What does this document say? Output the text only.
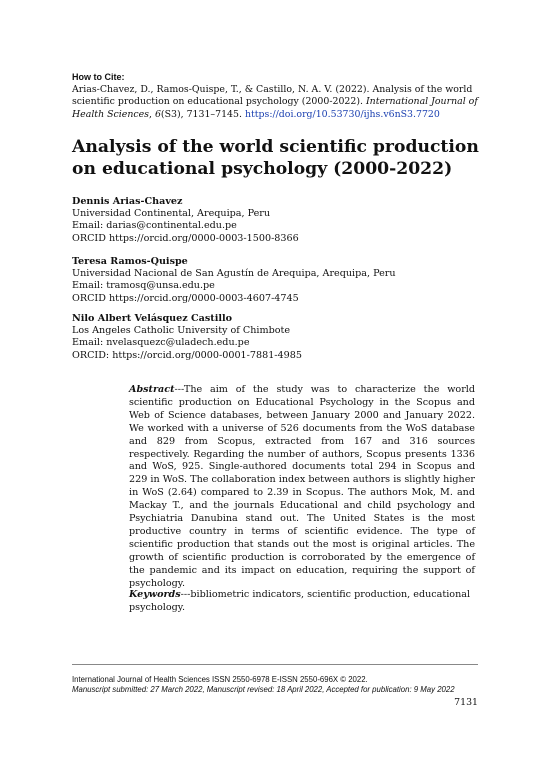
How to Cite:
Arias-Chavez, D., Ramos-Quispe, T., & Castillo, N. A. V. (2022). Analysis of the world scientific production on educational psychology (2000-2022). International Journal of Health Sciences, 6(S3), 7131–7145. https://doi.org/10.53730/ijhs.v6nS3.7720
Analysis of the world scientific production on educational psychology (2000-2022)
Dennis Arias-Chavez
Universidad Continental, Arequipa, Peru
Email: darias@continental.edu.pe
ORCID https://orcid.org/0000-0003-1500-8366
Teresa Ramos-Quispe
Universidad Nacional de San Agustín de Arequipa, Arequipa, Peru
Email: tramosq@unsa.edu.pe
ORCID https://orcid.org/0000-0003-4607-4745
Nilo Albert Velásquez Castillo
Los Angeles Catholic University of Chimbote
Email: nvelasquezc@uladech.edu.pe
ORCID: https://orcid.org/0000-0001-7881-4985
Abstract---The aim of the study was to characterize the world scientific production on Educational Psychology in the Scopus and Web of Science databases, between January 2000 and January 2022. We worked with a universe of 526 documents from the WoS database and 829 from Scopus, extracted from 167 and 316 sources respectively. Regarding the number of authors, Scopus presents 1336 and WoS, 925. Single-authored documents total 294 in Scopus and 229 in WoS. The collaboration index between authors is slightly higher in WoS (2.64) compared to 2.39 in Scopus. The authors Mok, M. and Mackay T., and the journals Educational and child psychology and Psychiatria Danubina stand out. The United States is the most productive country in terms of scientific evidence. The type of scientific production that stands out the most is original articles. The growth of scientific production is corroborated by the emergence of the pandemic and its impact on education, requiring the support of psychology.
Keywords---bibliometric indicators, scientific production, educational psychology.
International Journal of Health Sciences ISSN 2550-6978 E-ISSN 2550-696X © 2022.
Manuscript submitted: 27 March 2022, Manuscript revised: 18 April 2022, Accepted for publication: 9 May 2022
7131
